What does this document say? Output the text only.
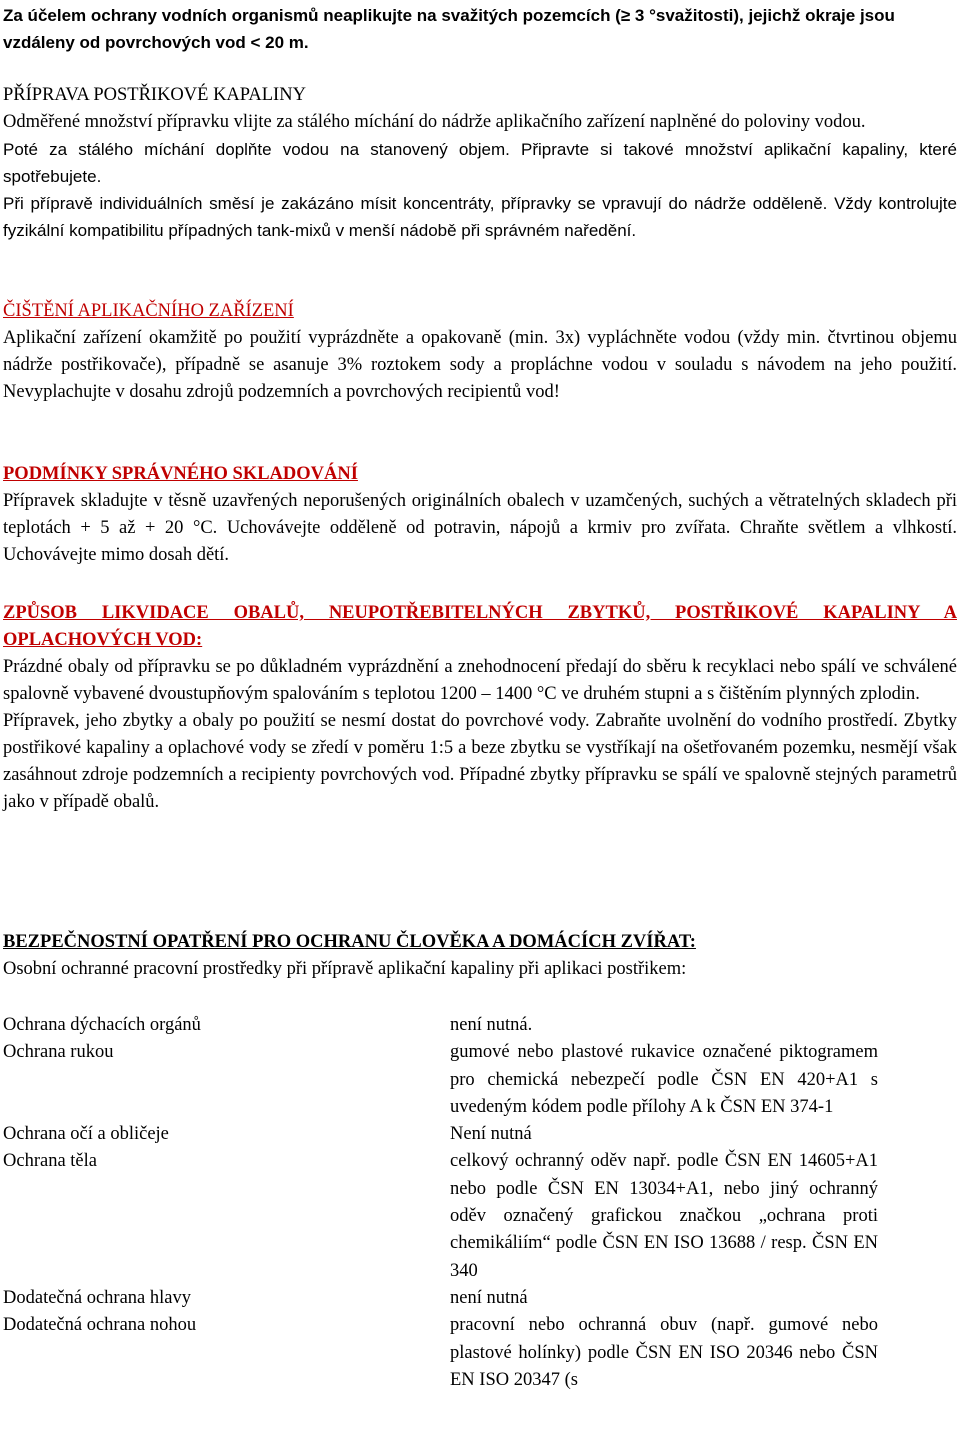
Za účelem ochrany vodních organismů neaplikujte na svažitých pozemcích (≥ 3 °svažitosti), jejichž okraje jsou vzdáleny od povrchových vod < 20 m.
PŘÍPRAVA POSTŘIKOVÉ KAPALINY

Odměřené množství přípravku vlijte za stálého míchání do nádrže aplikačního zařízení naplněné do poloviny vodou.

Poté za stálého míchání doplňte vodou na stanovený objem. Připravte si takové množství aplikační kapaliny, které spotřebujete.

Při přípravě individuálních směsí je zakázáno mísit koncentráty, přípravky se vpravují do nádrže odděleně. Vždy kontrolujte fyzikální kompatibilitu případných tank-mixů v menší nádobě při správném naředění.

ČIŠTĚNÍ APLIKAČNÍHO ZAŘÍZENÍ

Aplikační zařízení okamžitě po použití vyprázdněte a opakovaně (min. 3x) vypláchněte vodou (vždy min. čtvrtinou objemu nádrže postřikovače), případně se asanuje 3% roztokem sody a propláchne vodou v souladu s návodem na jeho použití. Nevyplachujte v dosahu zdrojů podzemních a povrchových recipientů vod!

PODMÍNKY SPRÁVNÉHO SKLADOVÁNÍ

Přípravek skladujte v těsně uzavřených neporušených originálních obalech v uzamčených, suchých a větratelných skladech při teplotách + 5 až + 20 °C. Uchovávejte odděleně od potravin, nápojů a krmiv pro zvířata. Chraňte světlem a vlhkostí. Uchovávejte mimo dosah dětí.

ZPŮSOB LIKVIDACE OBALŮ, NEUPOTŘEBITELNÝCH ZBYTKŮ, POSTŘIKOVÉ KAPALINY A OPLACHOVÝCH VOD:

Prázdné obaly od přípravku se po důkladném vyprázdnění a znehodnocení předají do sběru k recyklaci nebo spálí ve schválené spalovně vybavené dvoustupňovým spalováním s teplotou 1200 – 1400 °C ve druhém stupni a s čištěním plynných zplodin.

Přípravek, jeho zbytky a obaly po použití se nesmí dostat do povrchové vody. Zabraňte uvolnění do vodního prostředí. Zbytky postřikové kapaliny a oplachové vody se zředí v poměru 1:5 a beze zbytku se vystříkají na ošetřovaném pozemku, nesmějí však zasáhnout zdroje podzemních a recipienty povrchových vod. Případné zbytky přípravku se spálí ve spalovně stejných parametrů jako v případě obalů.

BEZPEČNOSTNÍ OPATŘENÍ PRO OCHRANU ČLOVĚKA A DOMÁCÍCH ZVÍŘAT:
Osobní ochranné pracovní prostředky při přípravě aplikační kapaliny při aplikaci postřikem:
Ochrana dýchacích orgánů	není nutná.
Ochrana rukou	gumové nebo plastové rukavice označené piktogramem pro chemická nebezpečí podle ČSN EN 420+A1 s uvedeným kódem podle přílohy A k ČSN EN 374-1
Ochrana očí a obličeje	Není nutná
Ochrana těla	celkový ochranný oděv např. podle ČSN EN 14605+A1 nebo podle ČSN EN 13034+A1, nebo jiný ochranný oděv označený grafickou značkou „ochrana proti chemikáliím“ podle ČSN EN ISO 13688 / resp. ČSN EN 340
Dodatečná ochrana hlavy	není nutná
Dodatečná ochrana nohou	pracovní nebo ochranná obuv (např. gumové nebo plastové holínky) podle ČSN EN ISO 20346 nebo ČSN EN ISO 20347 (s
